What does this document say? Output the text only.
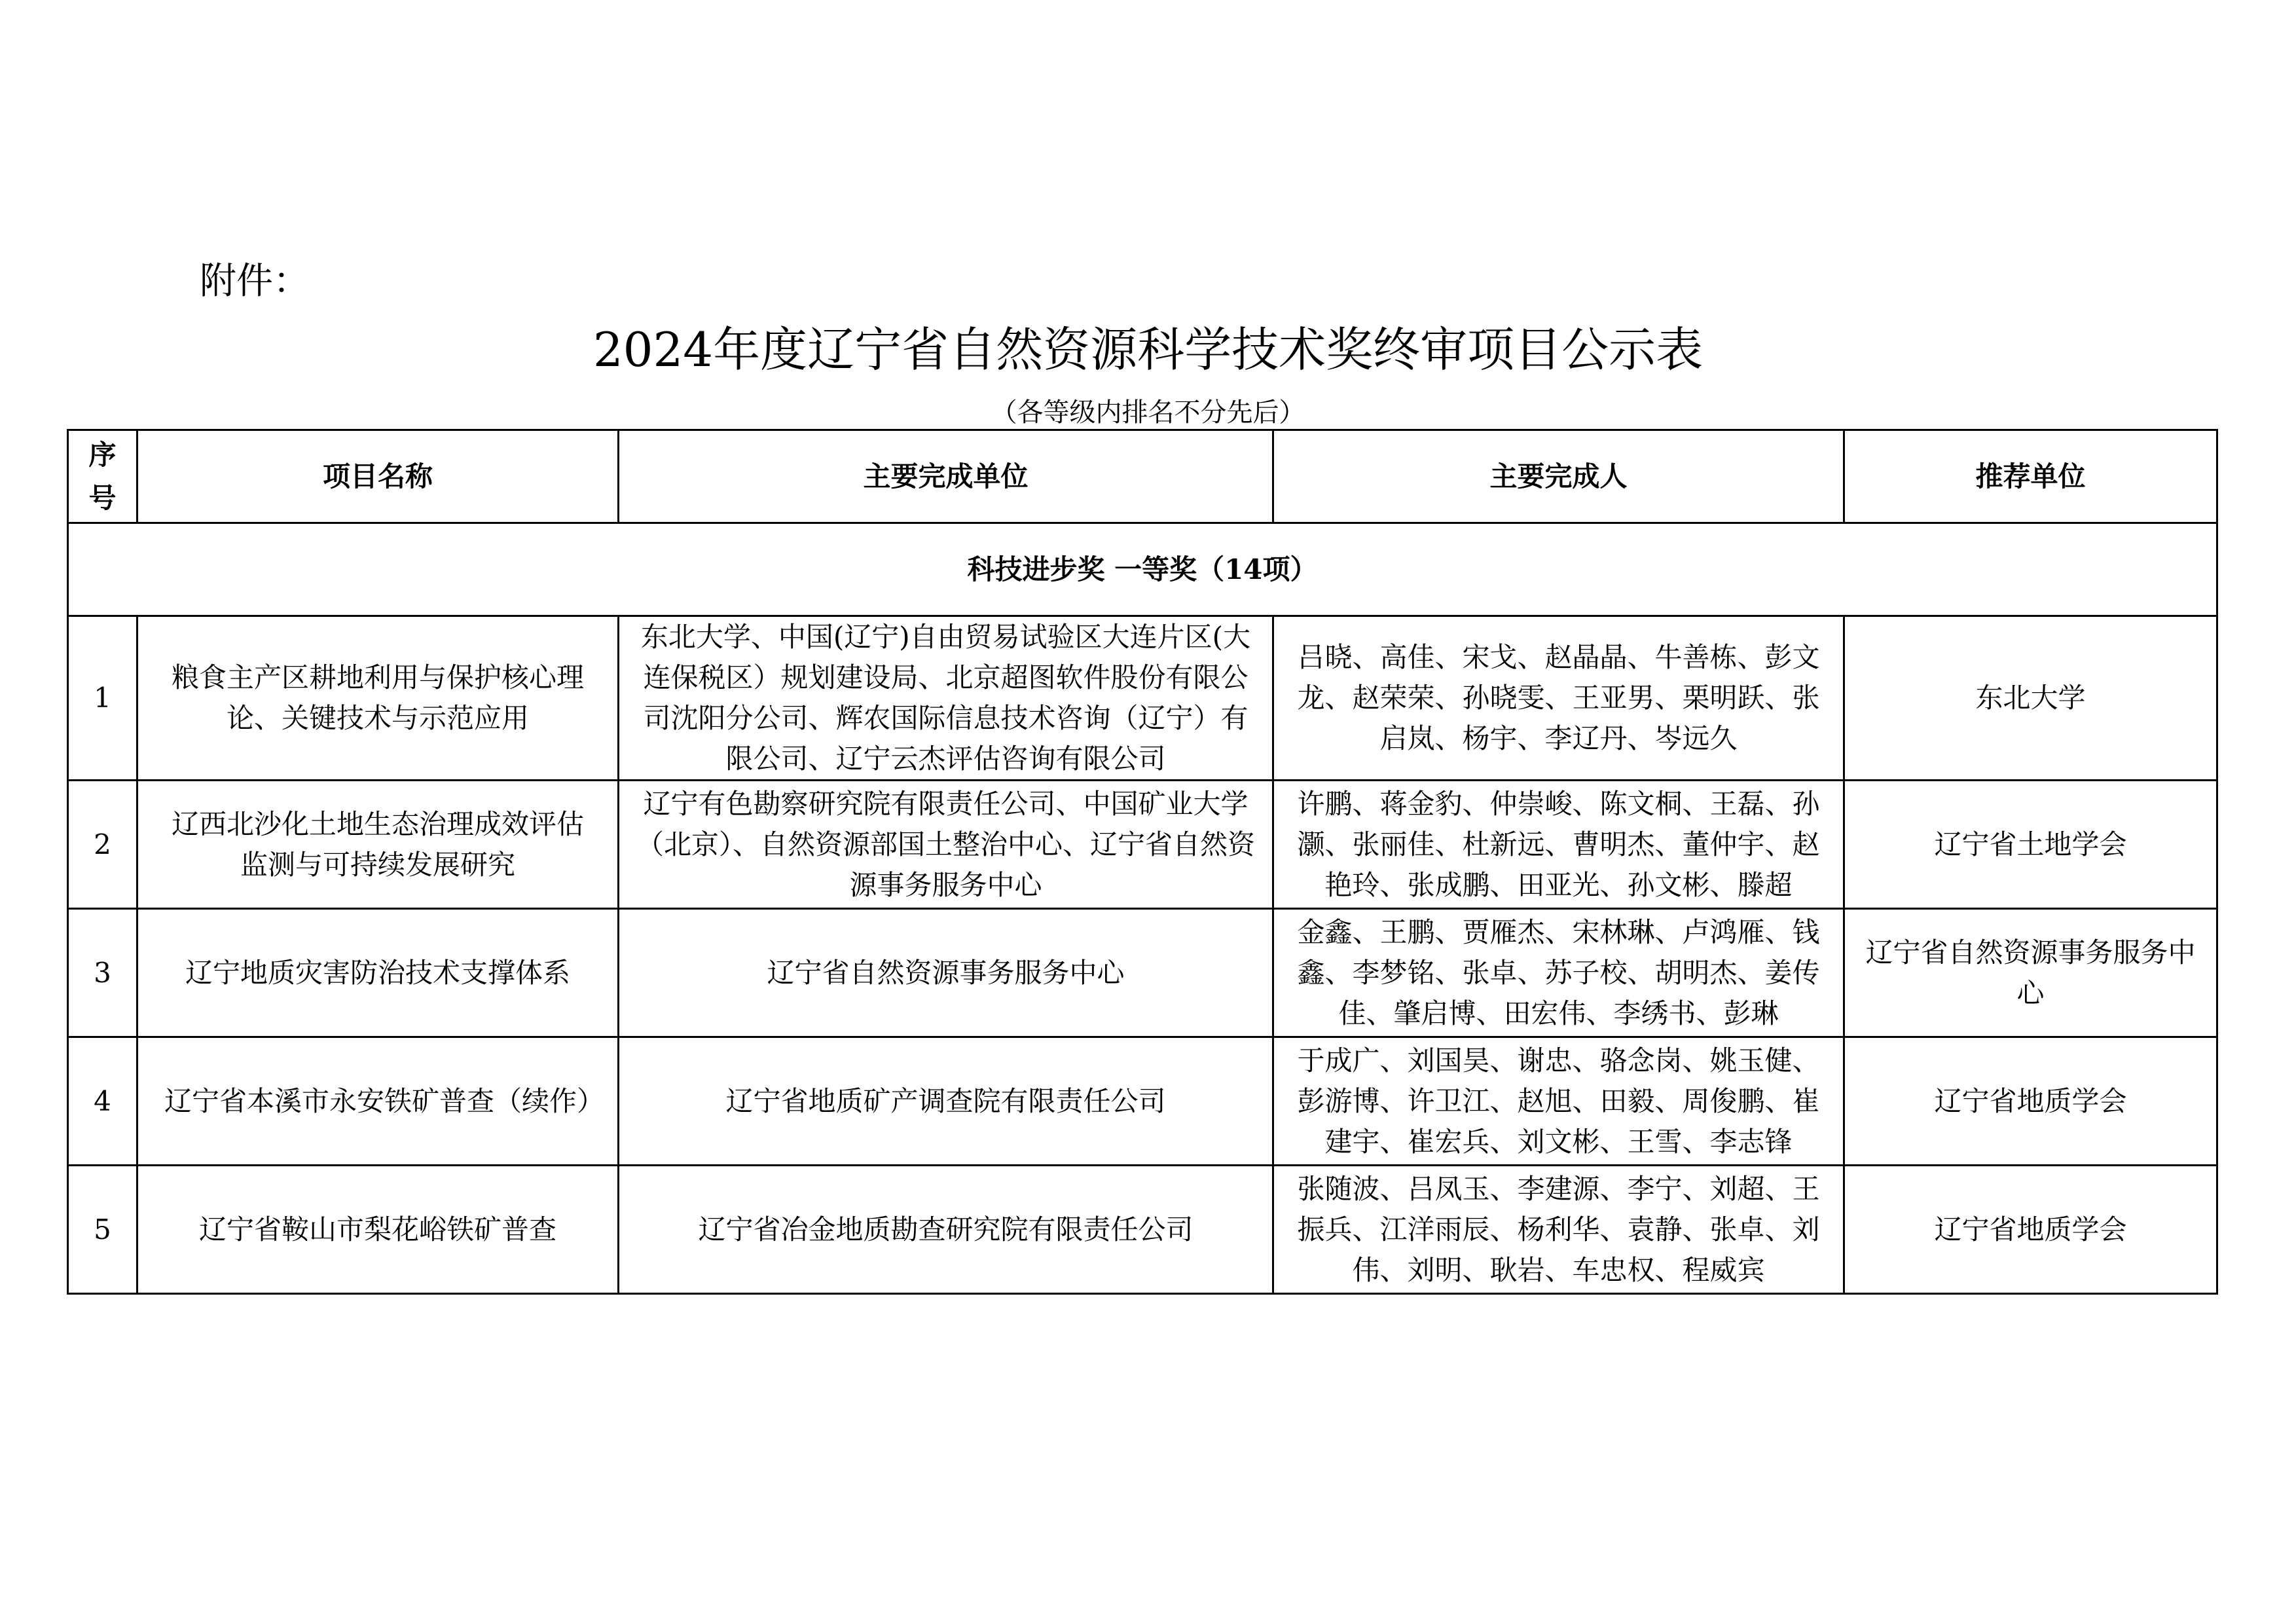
附件：
2024年度辽宁省自然资源科学技术奖终审项目公示表
（各等级内排名不分先后）
序号	项目名称	主要完成单位	主要完成人	推荐单位
科技进步奖 一等奖（14项）				
1	粮食主产区耕地利用与保护核心理论、关键技术与示范应用	东北大学、中国(辽宁)自由贸易试验区大连片区(大连保税区）规划建设局、北京超图软件股份有限公司沈阳分公司、辉农国际信息技术咨询（辽宁）有限公司、辽宁云杰评估咨询有限公司	吕晓、高佳、宋戈、赵晶晶、牛善栋、彭文龙、赵荣荣、孙晓雯、王亚男、栗明跃、张启岚、杨宇、李辽丹、岑远久	东北大学
2	辽西北沙化土地生态治理成效评估监测与可持续发展研究	辽宁有色勘察研究院有限责任公司、中国矿业大学（北京）、自然资源部国土整治中心、辽宁省自然资源事务服务中心	许鹏、蒋金豹、仲崇峻、陈文桐、王磊、孙灏、张丽佳、杜新远、曹明杰、董仲宇、赵艳玲、张成鹏、田亚光、孙文彬、滕超	辽宁省土地学会
3	辽宁地质灾害防治技术支撑体系	辽宁省自然资源事务服务中心	金鑫、王鹏、贾雁杰、宋林琳、卢鸿雁、钱鑫、李梦铭、张卓、苏子校、胡明杰、姜传佳、肇启博、田宏伟、李绣书、彭琳	辽宁省自然资源事务服务中心
4	辽宁省本溪市永安铁矿普查（续作）	辽宁省地质矿产调查院有限责任公司	于成广、刘国昊、谢忠、骆念岗、姚玉健、彭游博、许卫江、赵旭、田毅、周俊鹏、崔建宇、崔宏兵、刘文彬、王雪、李志锋	辽宁省地质学会
5	辽宁省鞍山市梨花峪铁矿普查	辽宁省冶金地质勘查研究院有限责任公司	张随波、吕凤玉、李建源、李宁、刘超、王振兵、江洋雨辰、杨利华、袁静、张卓、刘伟、刘明、耿岩、车忠权、程威宾	辽宁省地质学会
